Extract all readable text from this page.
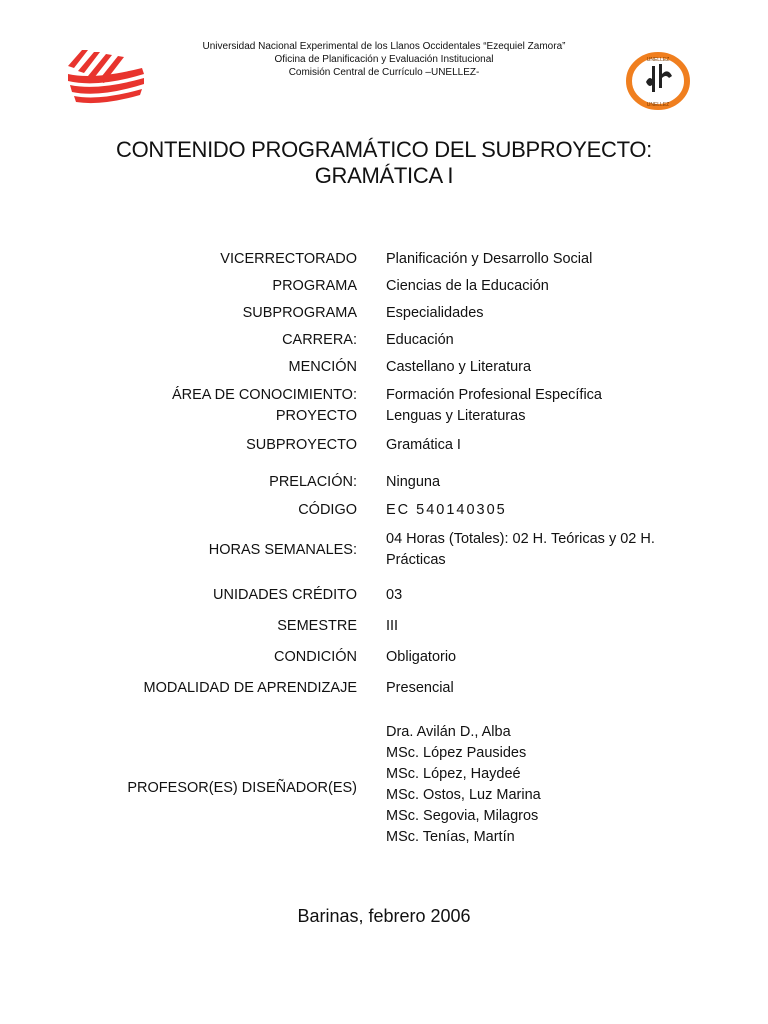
Universidad Nacional Experimental de los Llanos Occidentales “Ezequiel Zamora”
Oficina de Planificación y Evaluación Institucional
Comisión Central de Currículo –UNELLEZ-
UNELLEZ
UNELLEZ
CONTENIDO PROGRAMÁTICO DEL SUBPROYECTO:
GRAMÁTICA I
VICERRECTORADO Planificación y Desarrollo Social
PROGRAMA Ciencias de la Educación
SUBPROGRAMA Especialidades
CARRERA: Educación
MENCIÓN Castellano y Literatura
ÁREA DE CONOCIMIENTO: Formación Profesional Específica
PROYECTO Lenguas y Literaturas
SUBPROYECTO Gramática I
PRELACIÓN: Ninguna
CÓDIGO EC 540140305
HORAS SEMANALES:
04 Horas (Totales): 02 H. Teóricas y 02 H. Prácticas
UNIDADES CRÉDITO 03
SEMESTRE III
CONDICIÓN Obligatorio
MODALIDAD DE APRENDIZAJE Presencial
PROFESOR(ES) DISEÑADOR(ES)
Dra. Avilán D., Alba
MSc. López Pausides
MSc. López, Haydeé
MSc. Ostos, Luz Marina
MSc. Segovia, Milagros
MSc. Tenías, Martín
Barinas, febrero 2006
